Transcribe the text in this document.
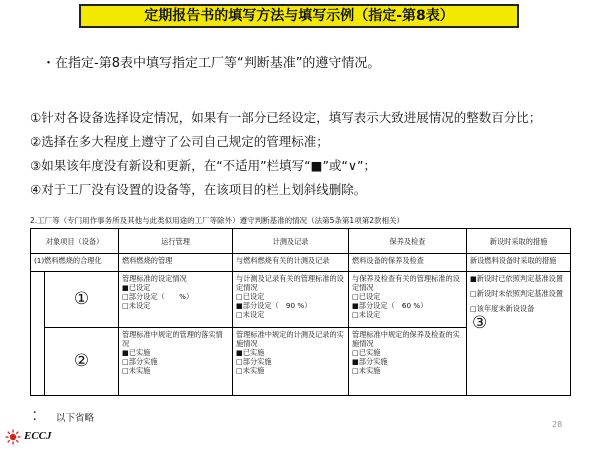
定期报告书的填写方法与填写示例（指定-第8表）
・在指定-第8表中填写指定工厂等“判断基准”的遵守情况。
①针对各设备选择设定情况，如果有一部分已经设定，填写表示大致进展情况的整数百分比；
②选择在多大程度上遵守了公司自己规定的管理标准；
③如果该年度没有新设和更新，在“不适用”栏填写“■”或“∨”；
④对于工厂没有设置的设备等，在该项目的栏上划斜线删除。
2.工厂等（专门用作事务所及其他与此类似用途的工厂等除外）遵守判断基准的情况（法第5条第1项第2款相关）
对象项目（设备）		运行管理	计测及记录	保养及检查	新设时采取的措施
(1)燃料燃烧的合理化		燃料燃烧的管理	与燃料燃烧有关的计测及记录	燃料设备的保养及检查	新设燃料设备时采取的措施
	①	管理标准的设定情况
■已设定
□部分设定（　　%）
□未设定	与计测及记录有关的管理标准的设定情况
□已设定
■部分设定（　90 %）
□未设定	与保养及检查有关的管理标准的设定情况
□已设定
■部分设定（　60 %）
□未设定	■新设时已依照判定基准设置

□新设时未依照判定基准设置

□该年度未新设设备
③

	②	管理标准中规定的管理的落实情况
■已实施
□部分实施
□未实施	管理标准中规定的计测及记录的实施情况
■已实施
□部分实施
□未实施	管理标准中规定的保养及检查的实施情况
□已实施
■部分实施
□未实施	
・
・ 以下省略
28
ECCJ
